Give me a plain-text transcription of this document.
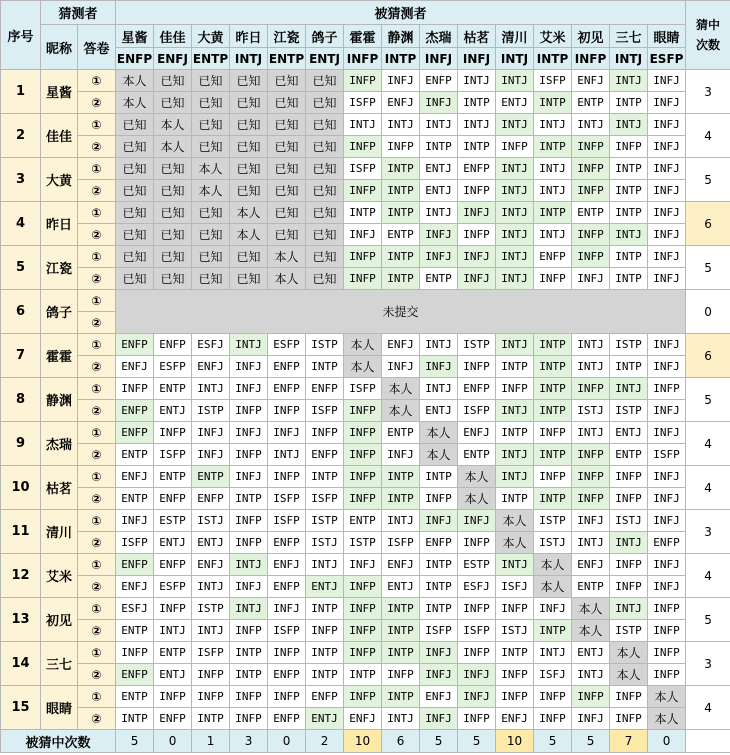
序号	猜测者		被猜测者															猜中次数
	昵称	答卷	星酱	佳佳	大黄	昨日	江瓷	鸽子	霍霍	静渊	杰瑞	枯茗	清川	艾米	初见	三七	眼睛	
			ENFP	ENFJ	ENTP	INTJ	ENTP	ENTJ	INFP	INTP	INFJ	INFJ	INTJ	INTP	INFP	INTJ	ESFP	
1	星酱	①	本人	已知	已知	已知	已知	已知	INFP	INFJ	ENFP	INTJ	INTJ	ISFP	ENFJ	INTJ	INFJ	3
		②	本人	已知	已知	已知	已知	已知	ISFP	ENFJ	INFJ	INTP	ENTJ	INTP	ENTP	INTP	INFJ	
2	佳佳	①	已知	本人	已知	已知	已知	已知	INTJ	INTJ	INTJ	INTJ	INTJ	INTJ	INTJ	INTJ	INFJ	4
		②	已知	本人	已知	已知	已知	已知	INFP	INFP	INTP	INTP	INFP	INTP	INFP	INFP	INFJ	
3	大黄	①	已知	已知	本人	已知	已知	已知	ISFP	INTP	ENTJ	ENFP	INTJ	INTJ	INFP	INTP	INFJ	5
		②	已知	已知	本人	已知	已知	已知	INFP	INTP	ENTJ	INFP	INTJ	INTJ	INFP	INTP	INFJ	
4	昨日	①	已知	已知	已知	本人	已知	已知	INTP	INTP	INTJ	INFJ	INTJ	INTP	ENTP	INTP	INFJ	6
		②	已知	已知	已知	本人	已知	已知	INFJ	ENTP	INFJ	INFP	INTJ	INTJ	INFP	INTJ	INFJ	
5	江瓷	①	已知	已知	已知	已知	本人	已知	INFP	INTP	INFJ	INFJ	INTJ	ENFP	INFP	INTP	INFJ	5
		②	已知	已知	已知	已知	本人	已知	INFP	INTP	ENTP	INFJ	INTJ	INFP	INFJ	INTP	INFJ	
6	鸽子	①	未提交															0
		②																
7	霍霍	①	ENFP	ENFP	ESFJ	INTJ	ESFP	ISTP	本人	ENFJ	INTJ	ISTP	INTJ	INTP	INTJ	ISTP	INFJ	6
		②	ENFJ	ESFP	ENFJ	INFJ	ENFP	INTP	本人	INFJ	INFJ	INFP	INTP	INTP	INTJ	INTP	INFJ	
8	静渊	①	INFP	ENTP	INTJ	INFJ	ENFP	ENFP	ISFP	本人	INTJ	ENFP	INFP	INTP	INFP	INTJ	INFP	5
		②	ENFP	ENTJ	ISTP	INFP	INFP	ISFP	INFP	本人	ENTJ	ISFP	INTJ	INTP	ISTJ	ISTP	INFJ	
9	杰瑞	①	ENFP	INFP	INFJ	INFJ	INFJ	INFP	INFP	ENTP	本人	ENFJ	INTP	INFP	INTJ	ENTJ	INFJ	4
		②	ENTP	ISFP	INFJ	INFP	INTJ	ENFP	INFP	INFJ	本人	ENTP	INTJ	INTP	INFP	ENTP	ISFP	
10	枯茗	①	ENFJ	ENTP	ENTP	INFJ	INFP	INTP	INFP	INTP	INTP	本人	INTJ	INFP	INFP	INFP	INFJ	4
		②	ENTP	ENFP	ENFP	INTP	ISFP	ISFP	INFP	INTP	INFP	本人	INTP	INTP	INFP	INFP	INFJ	
11	清川	①	INFJ	ESTP	ISTJ	INFP	ISFP	ISTP	ENTP	INTJ	INFJ	INFJ	本人	ISTP	INFJ	ISTJ	INFJ	3
		②	ISFP	ENTJ	ENTJ	INFP	ENFP	ISTJ	ISTP	ISFP	ENFP	INFP	本人	ISTJ	INTJ	INTJ	ENFP	
12	艾米	①	ENFP	ENFP	ENFJ	INTJ	ENFJ	INTJ	INFJ	ENFJ	INTP	ESTP	INTJ	本人	ENFJ	INFP	INFJ	4
		②	ENFJ	ESFP	INTJ	INFJ	ENFP	ENTJ	INFP	ENTJ	INTP	ESFJ	ISFJ	本人	ENTP	INFP	INFJ	
13	初见	①	ESFJ	INFP	ISTP	INTJ	INFJ	INTP	INFP	INTP	INTP	INFP	INFP	INFJ	本人	INTJ	INFP	5
		②	ENTP	INTJ	INTJ	INFP	ISFP	INFP	INFP	INTP	ISFP	ISFP	ISTJ	INTP	本人	ISTP	INFP	
14	三七	①	INFP	ENTP	ISFP	INTP	INFP	INTP	INFP	INTP	INFJ	INFP	INTP	INTJ	ENTJ	本人	INFP	3
		②	ENFP	ENTJ	INFP	INTP	ENFP	INTP	INTP	INFP	INFJ	INFJ	INFP	ISFJ	INTJ	本人	INFP	
15	眼睛	①	ENTP	INFP	INFP	INFP	INFP	ENFP	INFP	INTP	ENFJ	INFJ	INFP	INFP	INFP	INFP	本人	4
		②	INTP	ENFP	INTP	INFP	ENFP	ENTJ	ENFJ	INTJ	INFJ	INFP	ENFJ	INFP	INFJ	INFP	本人	
被猜中次数			5	0	1	3	0	2	10	6	5	5	10	5	5	7	0	
